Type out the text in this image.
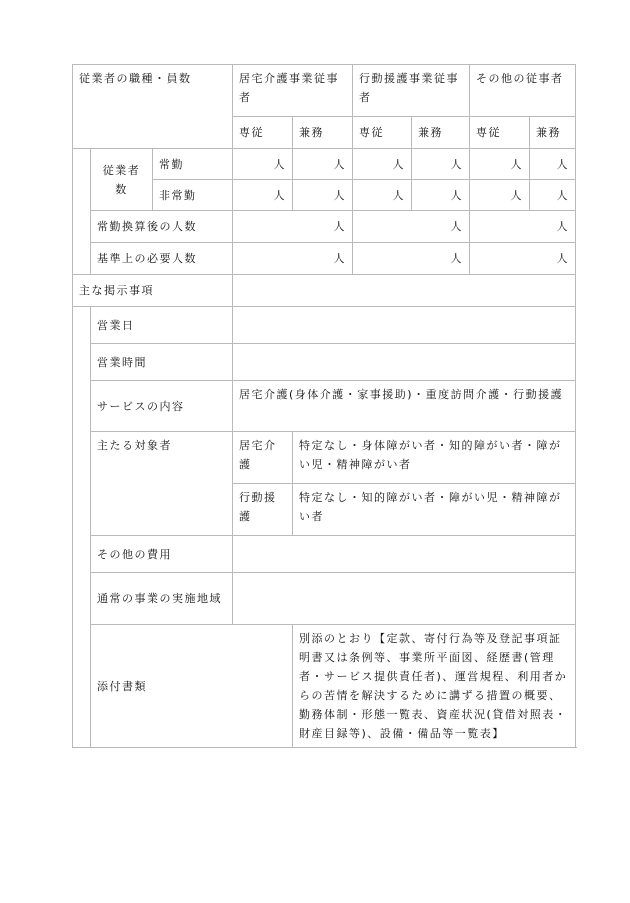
従業者の職種・員数			居宅介護事業従事者		行動援護事業従事者		その他の従事者	
			専従	兼務	専従	兼務	専従	兼務
	従業者数	常勤	人	人	人	人	人	人
		非常勤	人	人	人	人	人	人
	常勤換算後の人数		人		人		人	
	基準上の必要人数		人		人		人	
主な掲示事項								
	営業日							
	営業時間							
	サービスの内容		居宅介護(身体介護・家事援助)・重度訪問介護・行動援護					
	主たる対象者		居宅介護	特定なし・身体障がい者・知的障がい者・障がい児・精神障がい者				
			行動援護	特定なし・知的障がい者・障がい児・精神障がい者				
	その他の費用							
	通常の事業の実施地域							
	添付書類			別添のとおり【定款、寄付行為等及登記事項証明書又は条例等、事業所平面図、経歴書(管理者・サービス提供責任者)、運営規程、利用者からの苦情を解決するために講ずる措置の概要、勤務体制・形態一覧表、資産状況(貸借対照表・財産目録等)、設備・備品等一覧表】				
